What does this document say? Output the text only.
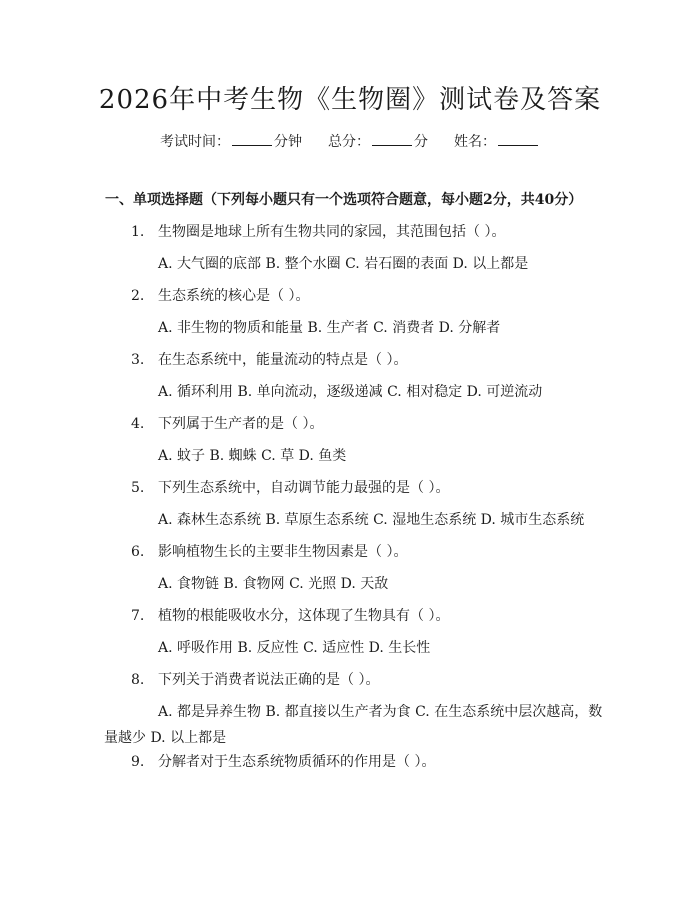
2026年中考生物《生物圈》测试卷及答案
考试时间：	分钟 总分：	分 姓名：
一、单项选择题（下列每小题只有一个选项符合题意，每小题2分，共40分）
1. 生物圈是地球上所有生物共同的家园，其范围包括（ ）。
A. 大气圈的底部 B. 整个水圈 C. 岩石圈的表面 D. 以上都是
2. 生态系统的核心是（ ）。
A. 非生物的物质和能量 B. 生产者 C. 消费者 D. 分解者
3. 在生态系统中，能量流动的特点是（ ）。
A. 循环利用 B. 单向流动，逐级递减 C. 相对稳定 D. 可逆流动
4. 下列属于生产者的是（ ）。
A. 蚊子 B. 蜘蛛 C. 草 D. 鱼类
5. 下列生态系统中，自动调节能力最强的是（ ）。
A. 森林生态系统 B. 草原生态系统 C. 湿地生态系统 D. 城市生态系统
6. 影响植物生长的主要非生物因素是（ ）。
A. 食物链 B. 食物网 C. 光照 D. 天敌
7. 植物的根能吸收水分，这体现了生物具有（ ）。
A. 呼吸作用 B. 反应性 C. 适应性 D. 生长性
8. 下列关于消费者说法正确的是（ ）。
A. 都是异养生物 B. 都直接以生产者为食 C. 在生态系统中层次越高，数量越少 D. 以上都是
9. 分解者对于生态系统物质循环的作用是（ ）。
